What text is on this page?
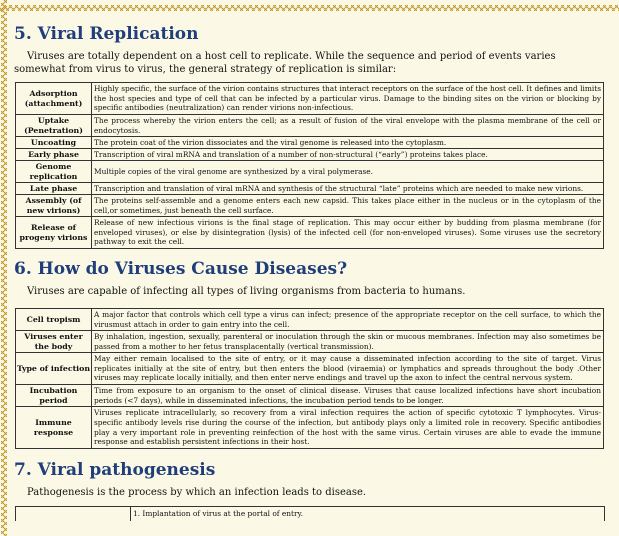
5. Viral Replication

Viruses are totally dependent on a host cell to replicate. While the sequence and period of events varies somewhat from virus to virus, the general strategy of replication is similar:

Adsorption (attachment)	Highly specific, the surface of the virion contains structures that interact receptors on the surface of the host cell. It defines and limits the host species and type of cell that can be infected by a particular virus. Damage to the binding sites on the virion or blocking by specific antibodies (neutralization) can render virions non-infectious.
Uptake (Penetration)	The process whereby the virion enters the cell; as a result of fusion of the viral envelope with the plasma membrane of the cell or endocytosis.
Uncoating	The protein coat of the virion dissociates and the viral genome is released into the cytoplasm.
Early phase	Transcription of viral mRNA and translation of a number of non-structural (“early”) proteins takes place.
Genome replication	Multiple copies of the viral genome are synthesized by a viral polymerase.
Late phase	Transcription and translation of viral mRNA and synthesis of the structural “late” proteins which are needed to make new virions.
Assembly (of new virions)	The proteins self-assemble and a genome enters each new capsid. This takes place either in the nucleus or in the cytoplasm of the cell,or sometimes, just beneath the cell surface.
Release of progeny virions	Release of new infectious virions is the final stage of replication. This may occur either by budding from plasma membrane (for enveloped viruses), or else by disintegration (lysis) of the infected cell (for non-enveloped viruses). Some viruses use the secretory pathway to exit the cell.
6. How do Viruses Cause Diseases?

Viruses are capable of infecting all types of living organisms from bacteria to humans.

Cell tropism	A major factor that controls which cell type a virus can infect; presence of the appropriate receptor on the cell surface, to which the virusmust attach in order to gain entry into the cell.
Viruses enter the body	By inhalation, ingestion, sexually, parenteral or inoculation through the skin or mucous membranes. Infection may also sometimes be passed from a mother to her fetus transplacentally (vertical transmission).
Type of infection	May either remain localised to the site of entry, or it may cause a disseminated infection according to the site of target. Virus replicates initially at the site of entry, but then enters the blood (viraemia) or lymphatics and spreads throughout the body .Other viruses may replicate locally initially, and then enter nerve endings and travel up the axon to infect the central nervous system.
Incubation period	Time from exposure to an organism to the onset of clinical disease. Viruses that cause localized infections have short incubation periods (<7 days), while in disseminated infections, the incubation period tends to be longer.
Immune response	Viruses replicate intracellularly, so recovery from a viral infection requires the action of specific cytotoxic T lymphocytes. Virus-specific antibody levels rise during the course of the infection, but antibody plays only a limited role in recovery. Specific antibodies play a very important role in preventing reinfection of the host with the same virus. Certain viruses are able to evade the immune response and establish persistent infections in their host.
7. Viral pathogenesis

Pathogenesis is the process by which an infection leads to disease.

	1. Implantation of virus at the portal of entry.
